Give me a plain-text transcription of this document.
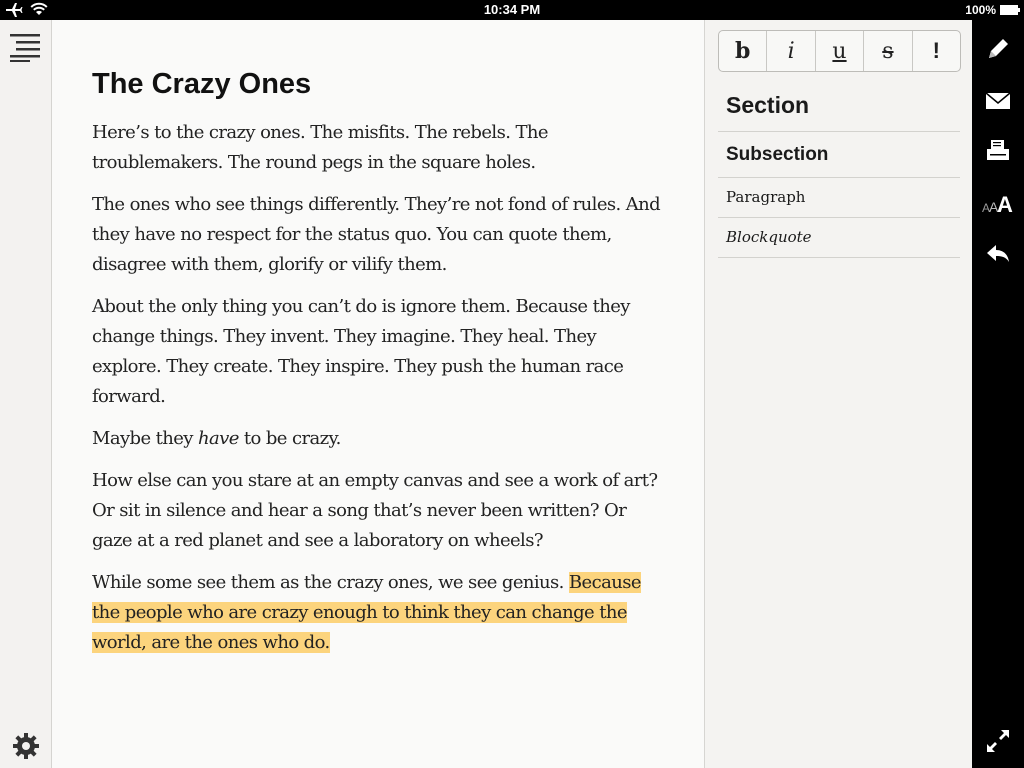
10:34 PM	100%
The Crazy Ones

Here’s to the crazy ones. The misfits. The rebels. The troublemakers. The round pegs in the square holes.

The ones who see things differently. They’re not fond of rules. And they have no respect for the status quo. You can quote them, disagree with them, glorify or vilify them.

About the only thing you can’t do is ignore them. Because they change things. They invent. They imagine. They heal. They explore. They create. They inspire. They push the human race forward.

Maybe they have to be crazy.

How else can you stare at an empty canvas and see a work of art? Or sit in silence and hear a song that’s never been written? Or gaze at a red planet and see a laboratory on wheels?

While some see them as the crazy ones, we see genius. Because the people who are crazy enough to think they can change the world, are the ones who do.

b	i	u	s	!
Section
Subsection
Paragraph
Blockquote
A
A
A
